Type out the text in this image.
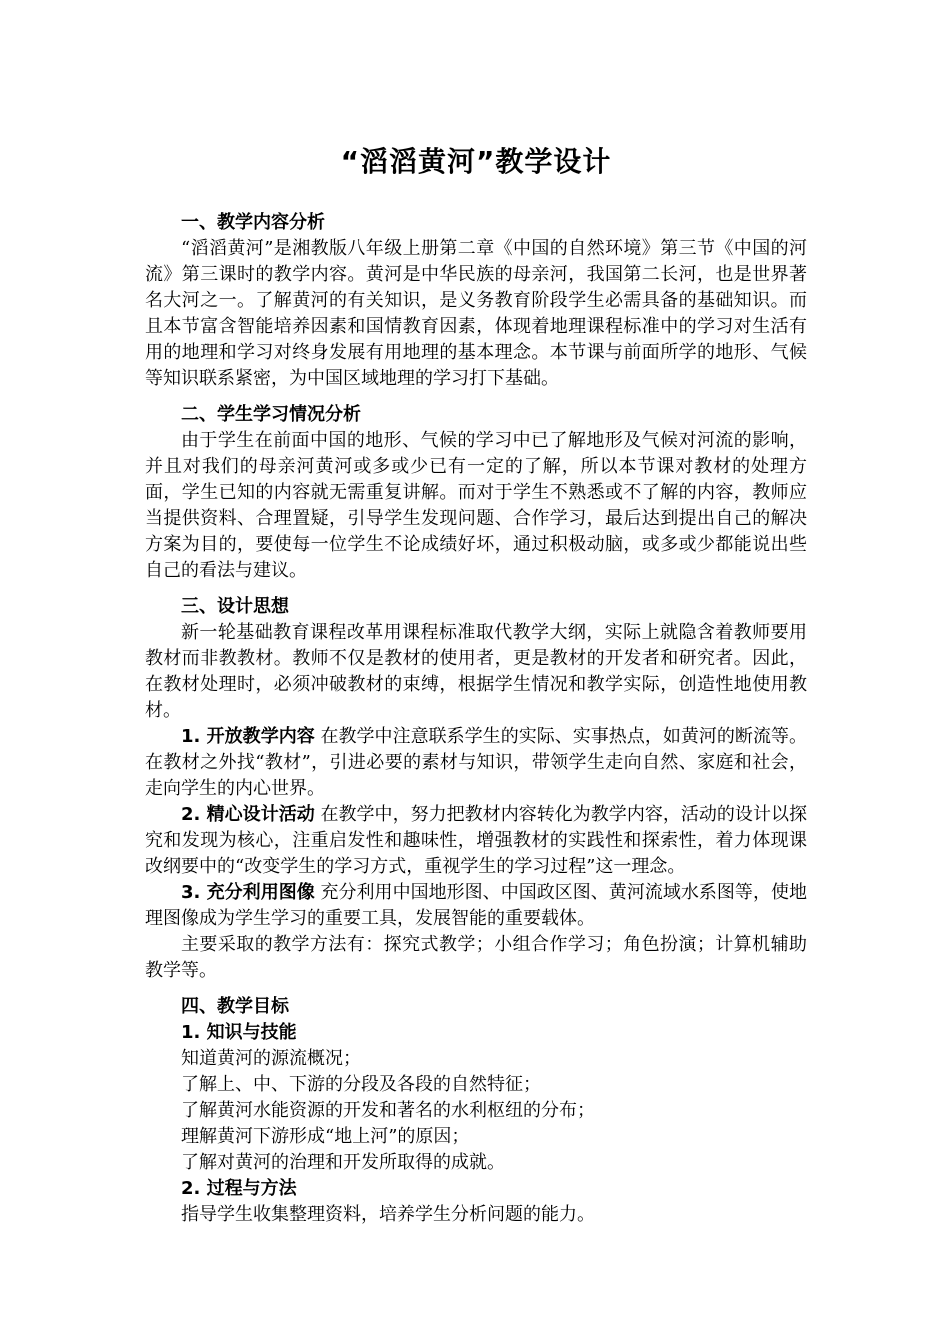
“滔滔黄河”教学设计
一、教学内容分析

“滔滔黄河”是湘教版八年级上册第二章《中国的自然环境》第三节《中国的河流》第三课时的教学内容。黄河是中华民族的母亲河，我国第二长河，也是世界著名大河之一。了解黄河的有关知识，是义务教育阶段学生必需具备的基础知识。而且本节富含智能培养因素和国情教育因素，体现着地理课程标准中的学习对生活有用的地理和学习对终身发展有用地理的基本理念。本节课与前面所学的地形、气候等知识联系紧密，为中国区域地理的学习打下基础。

二、学生学习情况分析

由于学生在前面中国的地形、气候的学习中已了解地形及气候对河流的影响，并且对我们的母亲河黄河或多或少已有一定的了解，所以本节课对教材的处理方面，学生已知的内容就无需重复讲解。而对于学生不熟悉或不了解的内容，教师应当提供资料、合理置疑，引导学生发现问题、合作学习，最后达到提出自己的解决方案为目的，要使每一位学生不论成绩好坏，通过积极动脑，或多或少都能说出些自己的看法与建议。

三、设计思想

新一轮基础教育课程改革用课程标准取代教学大纲，实际上就隐含着教师要用教材而非教教材。教师不仅是教材的使用者，更是教材的开发者和研究者。因此，在教材处理时，必须冲破教材的束缚，根据学生情况和教学实际，创造性地使用教材。

1. 开放教学内容 在教学中注意联系学生的实际、实事热点，如黄河的断流等。在教材之外找“教材”，引进必要的素材与知识，带领学生走向自然、家庭和社会，走向学生的内心世界。

2. 精心设计活动 在教学中，努力把教材内容转化为教学内容，活动的设计以探究和发现为核心，注重启发性和趣味性，增强教材的实践性和探索性，着力体现课改纲要中的“改变学生的学习方式，重视学生的学习过程”这一理念。

3. 充分利用图像 充分利用中国地形图、中国政区图、黄河流域水系图等，使地理图像成为学生学习的重要工具，发展智能的重要载体。

主要采取的教学方法有：探究式教学；小组合作学习；角色扮演；计算机辅助教学等。

四、教学目标
1. 知识与技能

知道黄河的源流概况；

了解上、中、下游的分段及各段的自然特征；

了解黄河水能资源的开发和著名的水利枢纽的分布；

理解黄河下游形成“地上河”的原因；

了解对黄河的治理和开发所取得的成就。

2. 过程与方法

指导学生收集整理资料，培养学生分析问题的能力。
